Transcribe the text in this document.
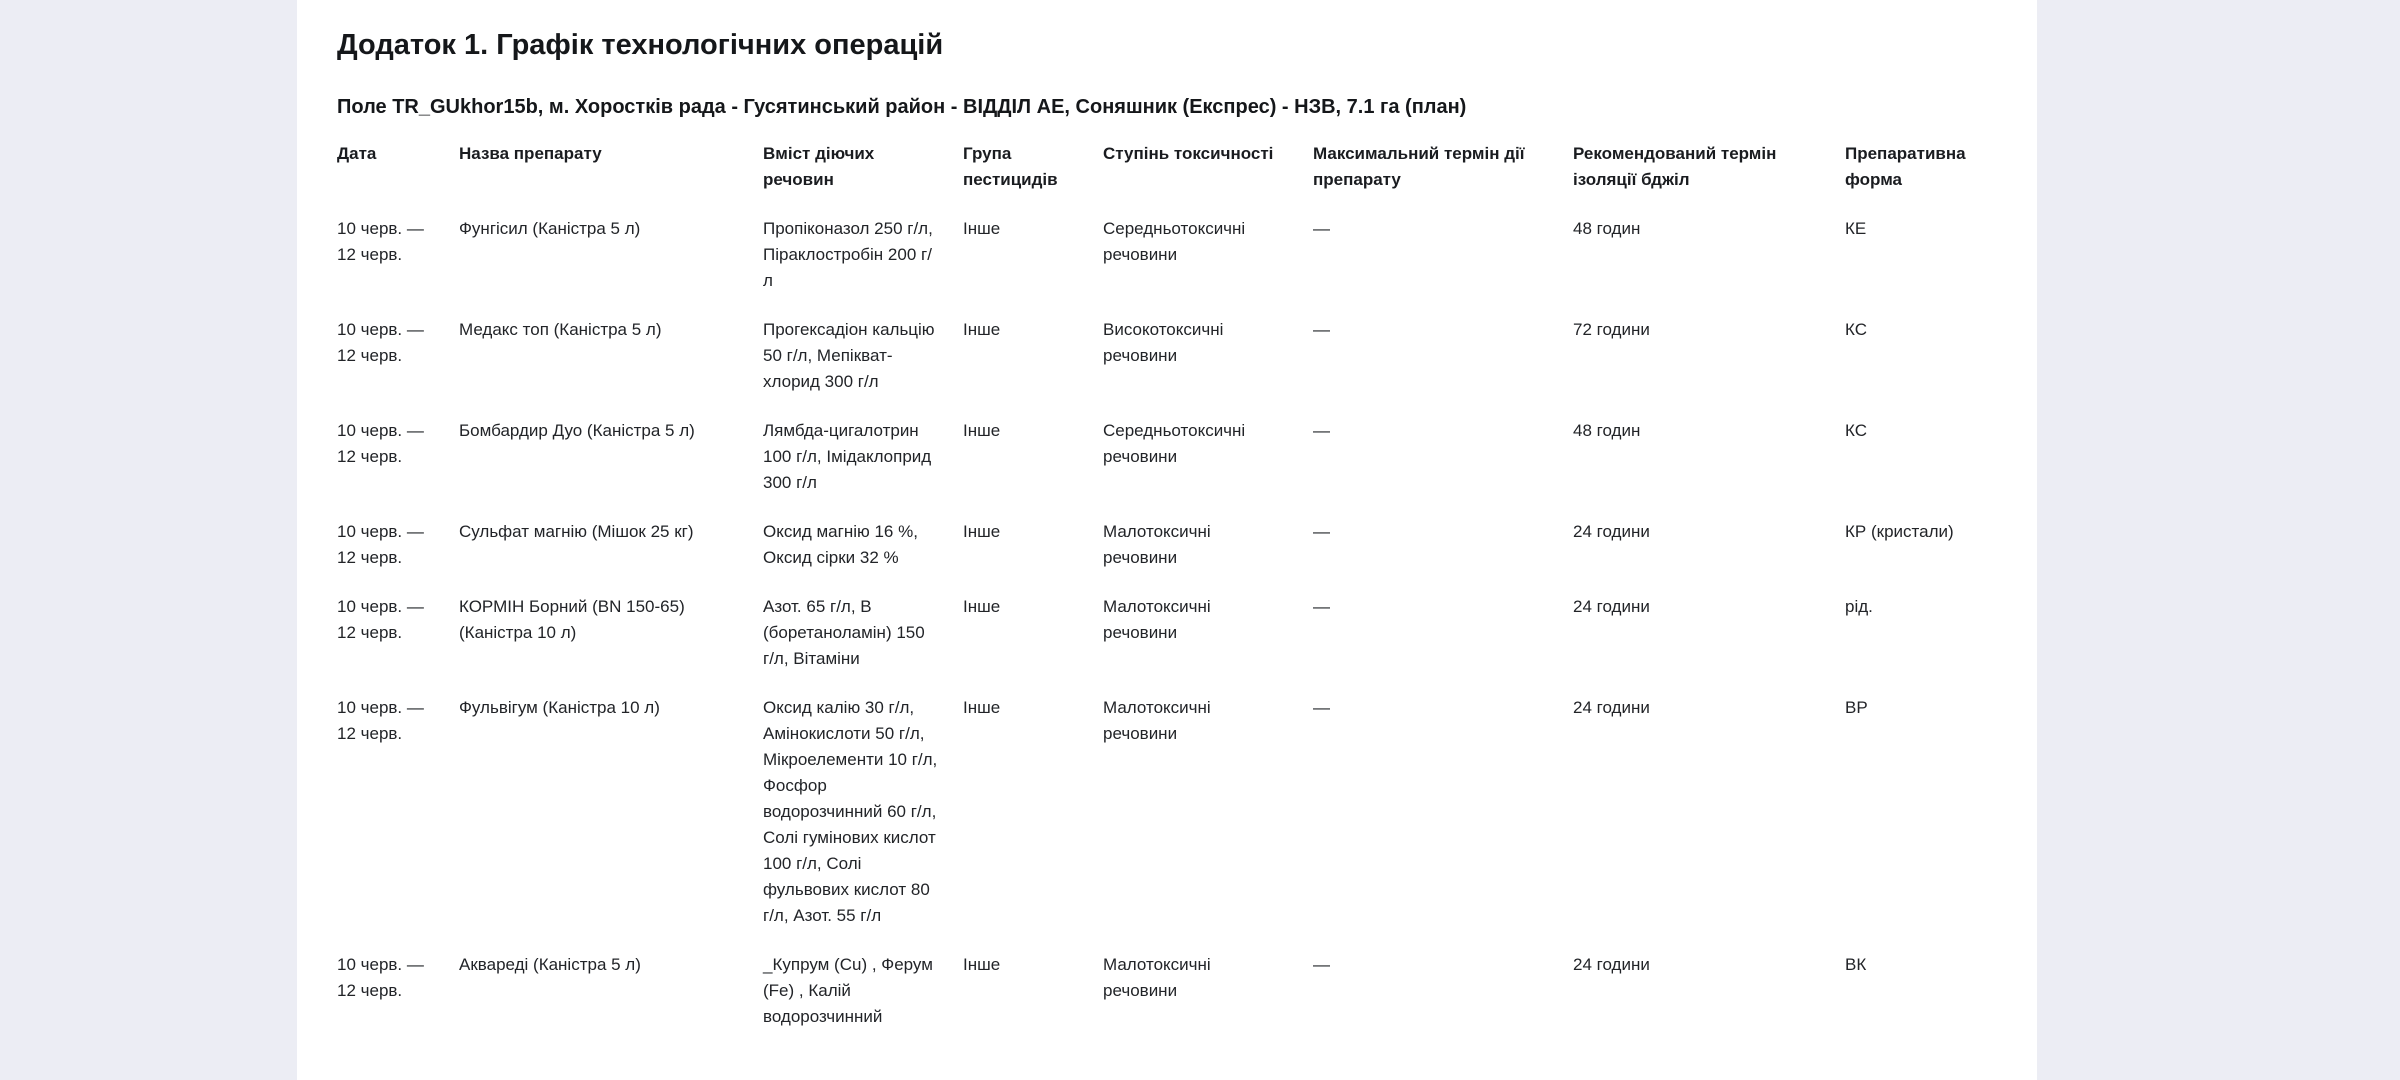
Додаток 1. Графік технологічних операцій
Поле TR_GUkhor15b, м. Хоростків рада - Гусятинський район - ВІДДІЛ АЕ, Соняшник (Експрес) - НЗВ, 7.1 га (план)
Дата	Назва препарату	Вміст діючих речовин	Група пестицидів	Ступінь токсичності	Максимальний термін дії препарату	Рекомендований термін ізоляції бджіл	Препаративна форма
10 черв. — 12 черв.	Фунгісил (Каністра 5 л)	Пропіконазол 250 г/л, Піраклостробін 200 г/л	Інше	Середньотоксичні речовини	—	48 годин	КЕ
10 черв. — 12 черв.	Медакс топ (Каністра 5 л)	Прогексадіон кальцію 50 г/л, Мепікват-хлорид 300 г/л	Інше	Високотоксичні речовини	—	72 години	КС
10 черв. — 12 черв.	Бомбардир Дуо (Каністра 5 л)	Лямбда-цигалотрин 100 г/л, Імідаклоприд 300 г/л	Інше	Середньотоксичні речовини	—	48 годин	КС
10 черв. — 12 черв.	Сульфат магнію (Мішок 25 кг)	Оксид магнію 16 %, Оксид сірки 32 %	Інше	Малотоксичні речовини	—	24 години	КР (кристали)
10 черв. — 12 черв.	КОРМІН Борний (BN 150-65) (Каністра 10 л)	Азот. 65 г/л, B (боретаноламін) 150 г/л, Вітаміни	Інше	Малотоксичні речовини	—	24 години	рід.
10 черв. — 12 черв.	Фульвігум (Каністра 10 л)	Оксид калію 30 г/л, Амінокислоти 50 г/л, Мікроелементи 10 г/л, Фосфор водорозчинний 60 г/л, Солі гумінових кислот 100 г/л, Солі фульвових кислот 80 г/л, Азот. 55 г/л	Інше	Малотоксичні речовини	—	24 години	ВР
10 черв. — 12 черв.	Аквареді (Каністра 5 л)	_Купрум (Cu) , Ферум (Fe) , Калій водорозчинний	Інше	Малотоксичні речовини	—	24 години	ВК
